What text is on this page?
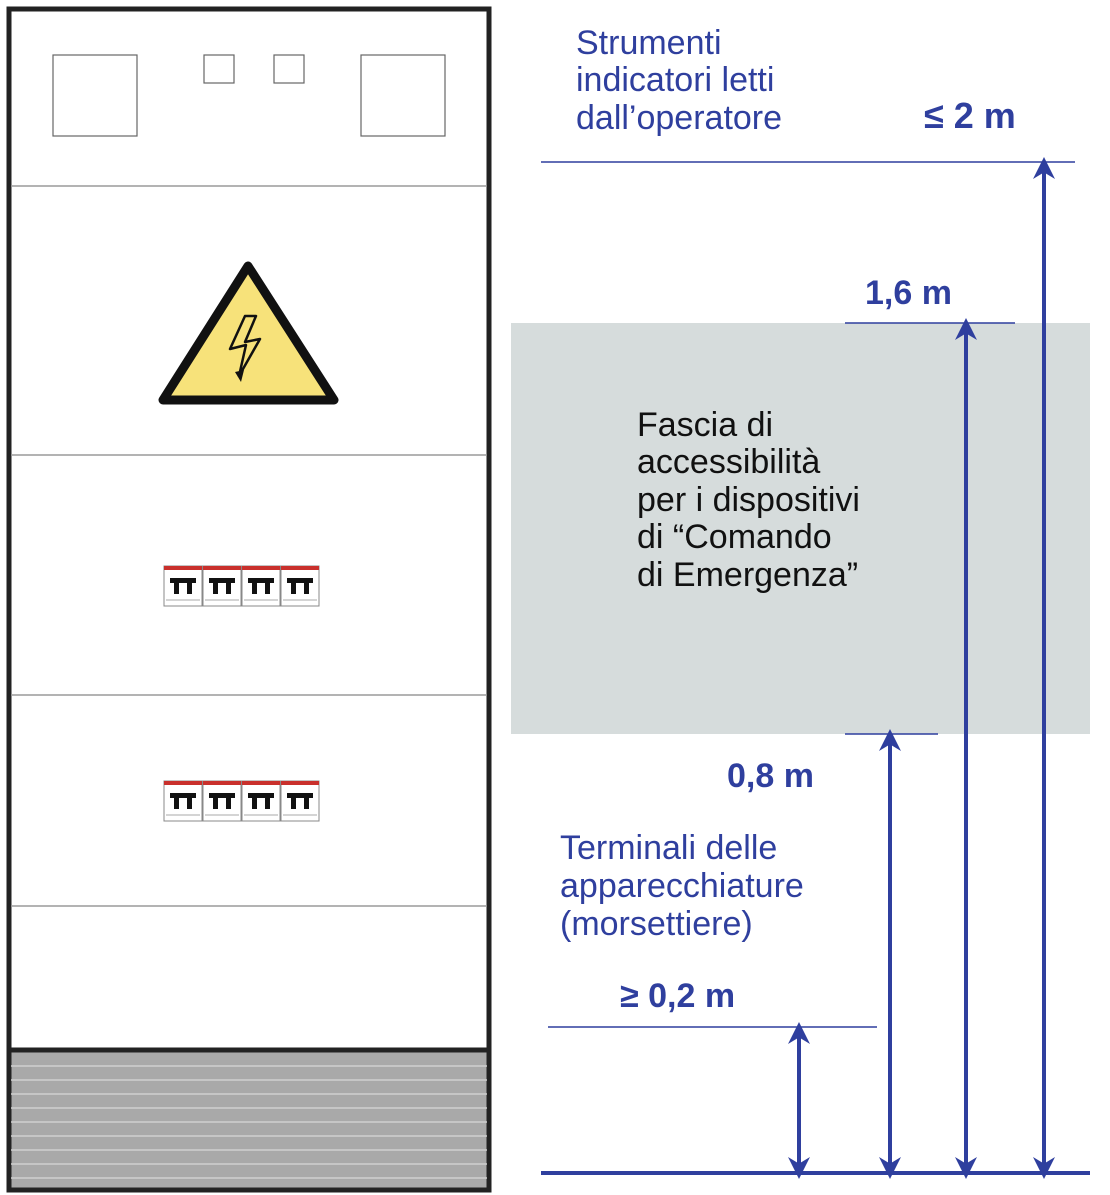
Strumenti indicatori letti dall’operatore	≤ 2 m
1,6 m
Fascia di accessibilità per i dispositivi di “Comando di Emergenza”
0,8 m
Terminali delle apparecchiature (morsettiere)
≥ 0,2 m
